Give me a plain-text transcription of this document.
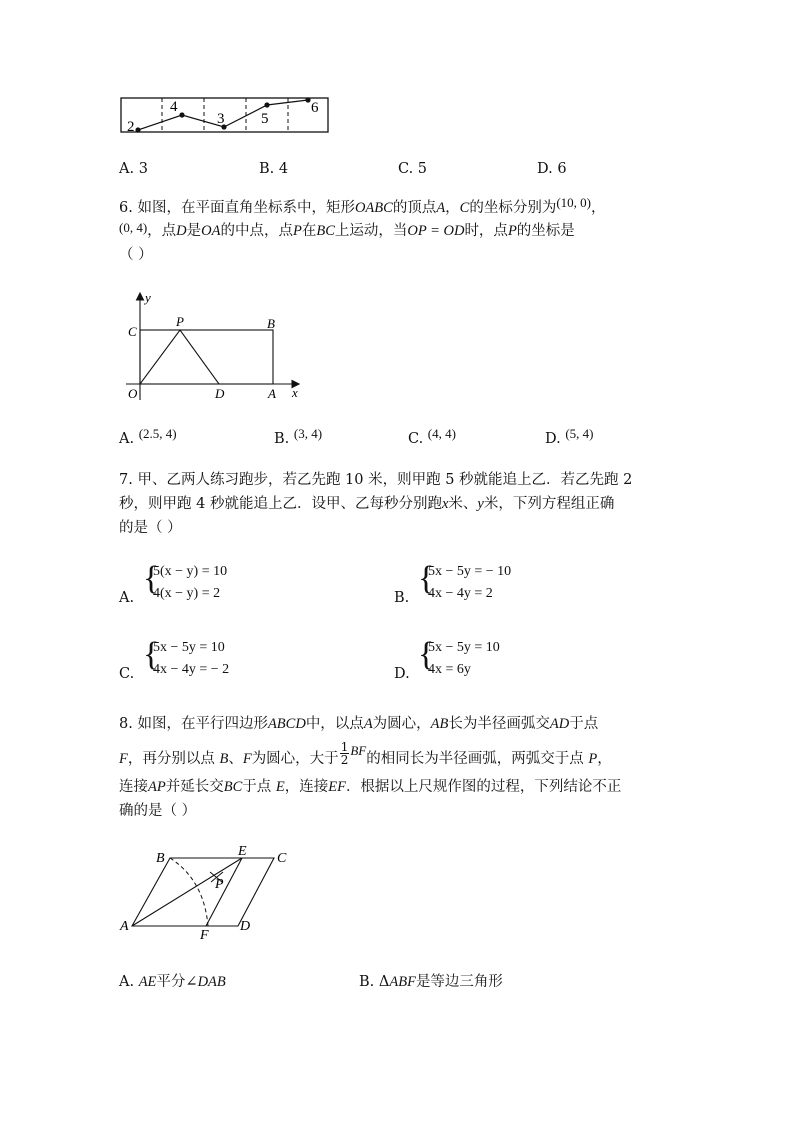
2
4
3 5
6
A. 3	B. 4	C. 5	D. 6
6. 如图，在平面直角坐标系中，矩形OABC的顶点A，C的坐标分别为(10, 0)，
(0, 4)，点D是OA的中点，点P在BC上运动，当OP = OD时，点P的坐标是
（ ）
y
x
C
P	B
O	D	A
A. (2.5, 4)	B. (3, 4)	C. (4, 4)	D. (5, 4)
7. 甲、乙两人练习跑步，若乙先跑 10 米，则甲跑 5 秒就能追上乙．若乙先跑 2
秒，则甲跑 4 秒就能追上乙．设甲、乙每秒分别跑x米、y米，下列方程组正确
的是（ ）
A.
{
5(x − y) = 10
4(x − y) = 2	B.
{
5x − 5y = − 10
4x − 4y = 2
C.
{
5x − 5y = 10
4x − 4y = − 2	D.
{
5x − 5y = 10
4x = 6y
8. 如图，在平行四边形ABCD中，以点A为圆心，AB长为半径画弧交AD于点
F，再分别以点 B、F为圆心，大于 $\frac{1}{2}$ BF的相同长为半径画弧，两弧交于点 P，
连接AP并延长交BC于点 E，连接EF．根据以上尺规作图的过程，下列结论不正
确的是（ ）
B	E C
P
A
F
D
A. AE平分∠DAB	B. ΔABF是等边三角形
